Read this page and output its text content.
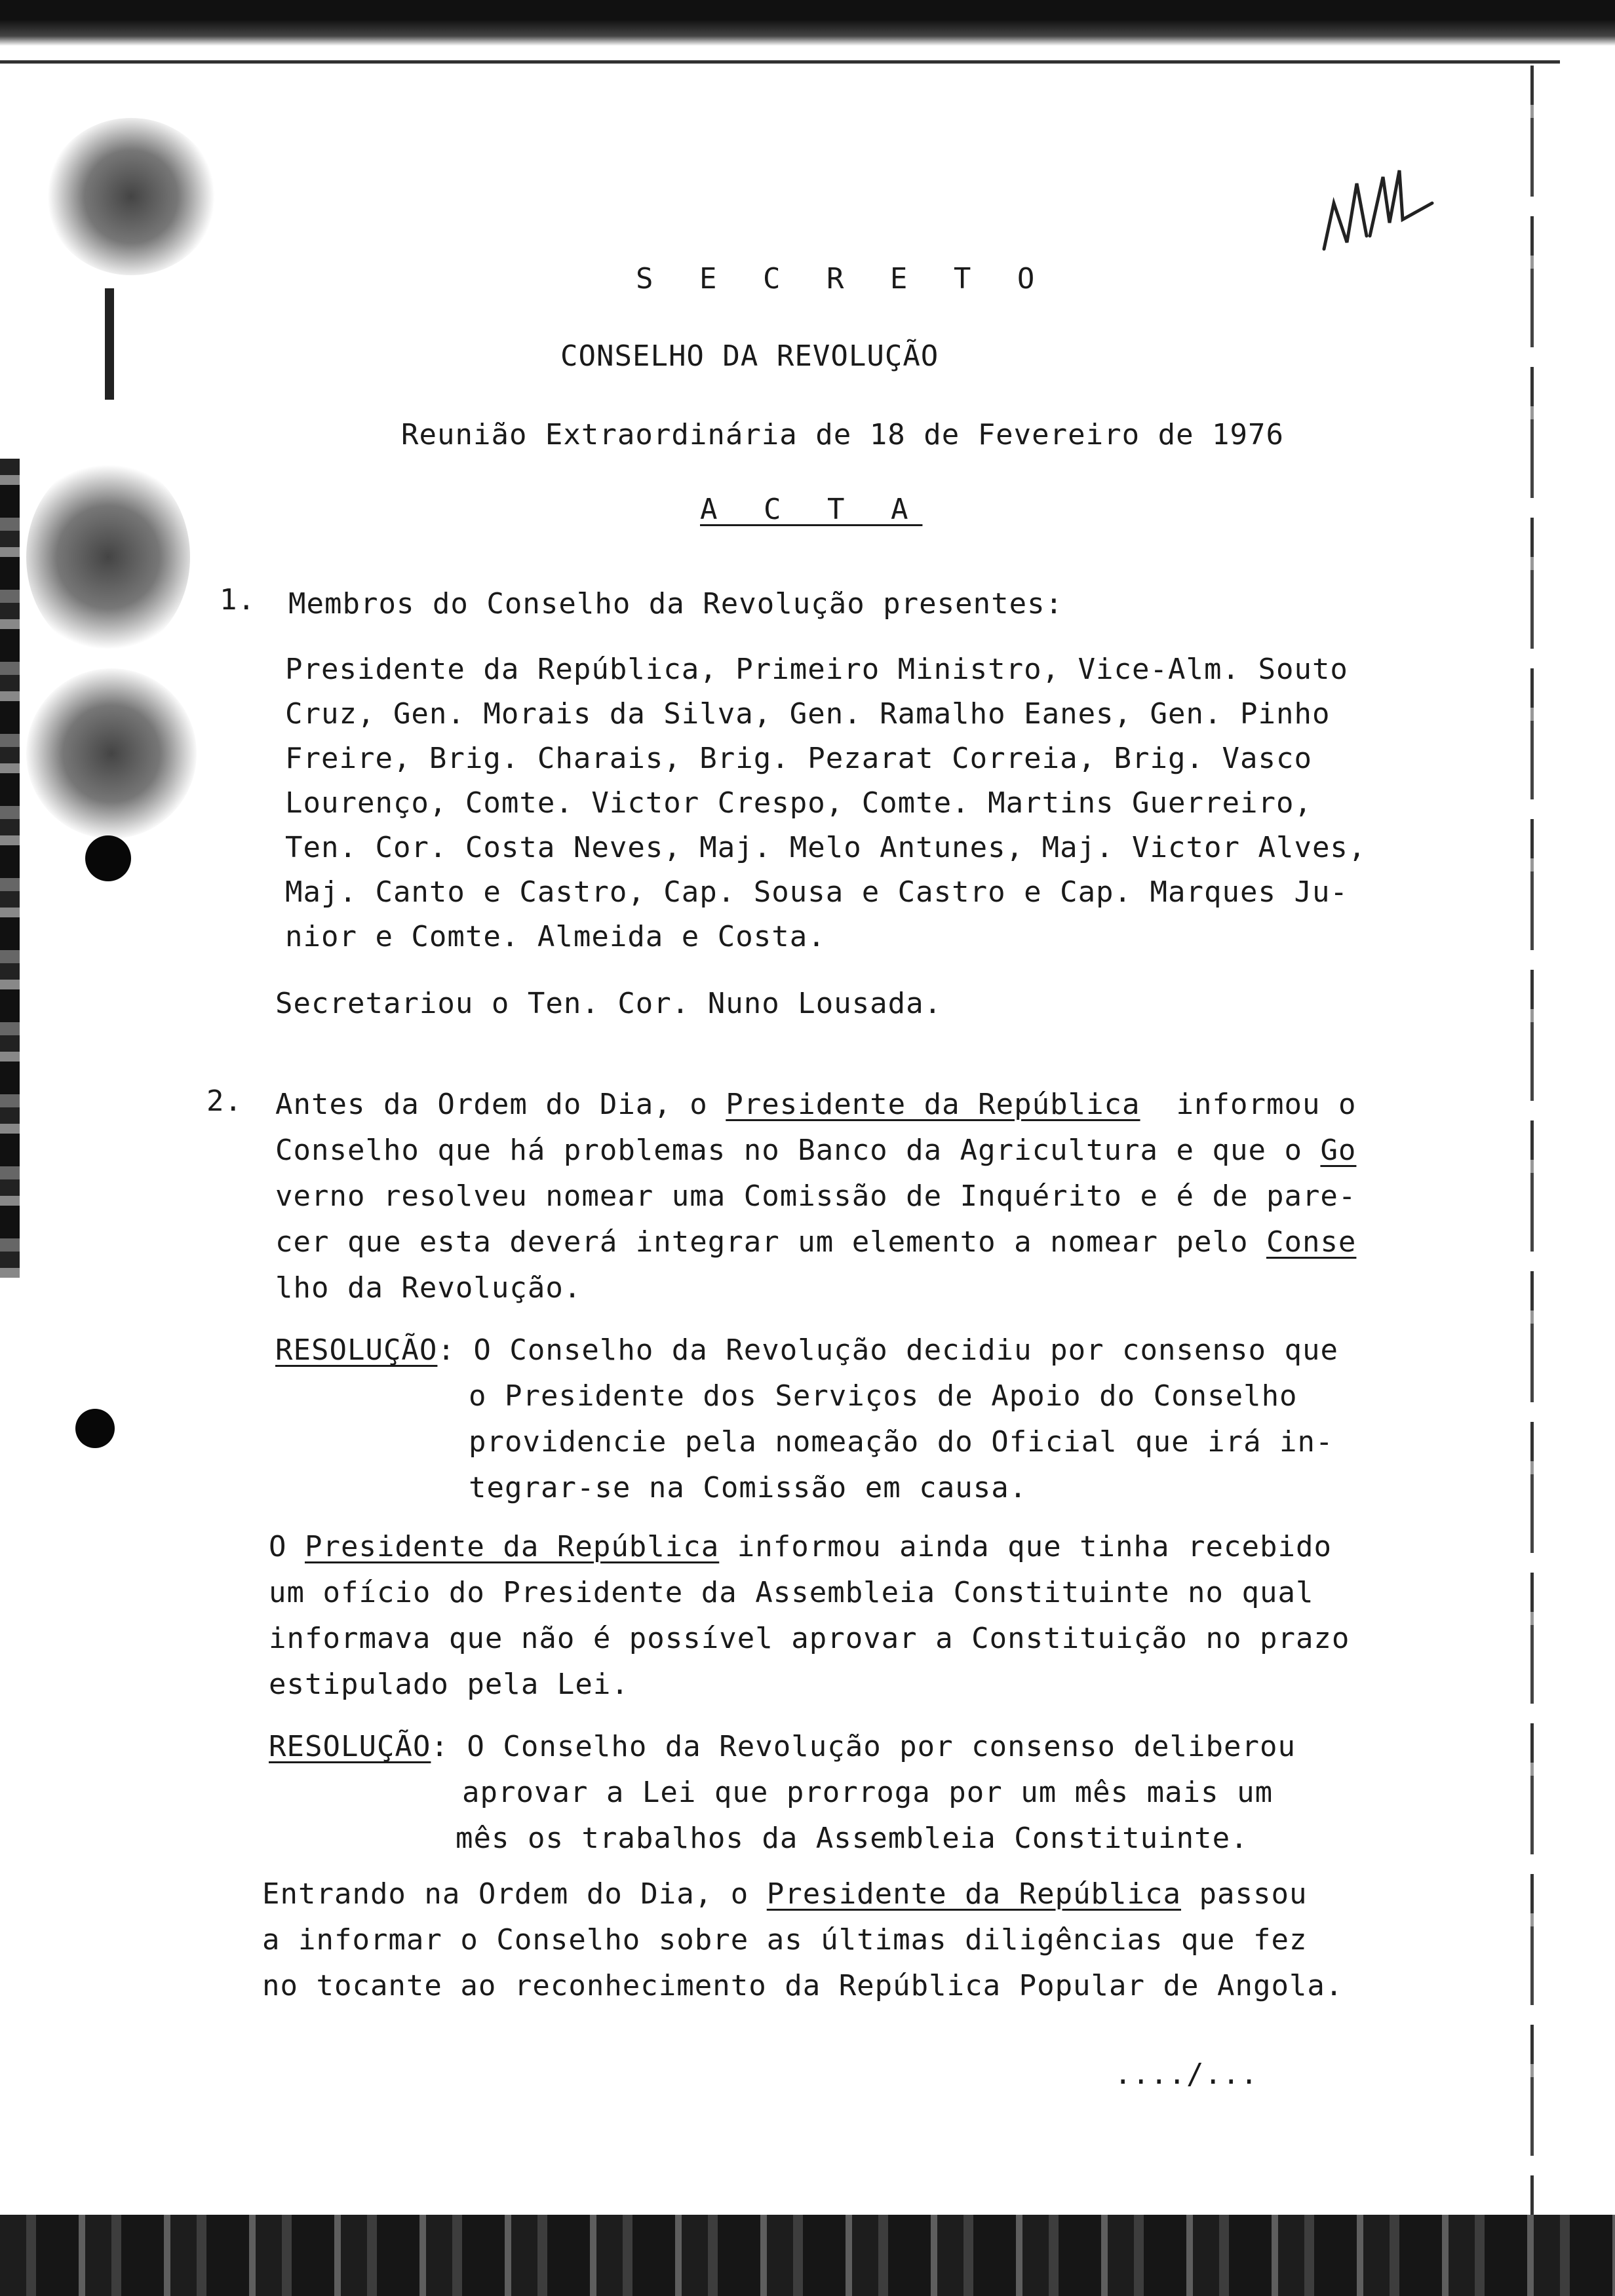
S E C R E T O
CONSELHO DA REVOLUÇÃO
Reunião Extraordinária de 18 de Fevereiro de 1976
A C T A
1. Membros do Conselho da Revolução presentes:
Presidente da República, Primeiro Ministro, Vice-Alm. Souto
Cruz, Gen. Morais da Silva, Gen. Ramalho Eanes, Gen. Pinho
Freire, Brig. Charais, Brig. Pezarat Correia, Brig. Vasco
Lourenço, Comte. Victor Crespo, Comte. Martins Guerreiro,
Ten. Cor. Costa Neves, Maj. Melo Antunes, Maj. Victor Alves,
Maj. Canto e Castro, Cap. Sousa e Castro e Cap. Marques Ju-
nior e Comte. Almeida e Costa.
Secretariou o Ten. Cor. Nuno Lousada.
2. Antes da Ordem do Dia, o Presidente da República  informou o
Conselho que há problemas no Banco da Agricultura e que o Go
verno resolveu nomear uma Comissão de Inquérito e é de pare-
cer que esta deverá integrar um elemento a nomear pelo Conse
lho da Revolução.
RESOLUÇÃO: O Conselho da Revolução decidiu por consenso que
o Presidente dos Serviços de Apoio do Conselho
providencie pela nomeação do Oficial que irá in-
tegrar-se na Comissão em causa.
O Presidente da República informou ainda que tinha recebido
um ofício do Presidente da Assembleia Constituinte no qual
informava que não é possível aprovar a Constituição no prazo
estipulado pela Lei.
RESOLUÇÃO: O Conselho da Revolução por consenso deliberou
aprovar a Lei que prorroga por um mês mais um
mês os trabalhos da Assembleia Constituinte.
Entrando na Ordem do Dia, o Presidente da República passou
a informar o Conselho sobre as últimas diligências que fez
no tocante ao reconhecimento da República Popular de Angola.
..../...
